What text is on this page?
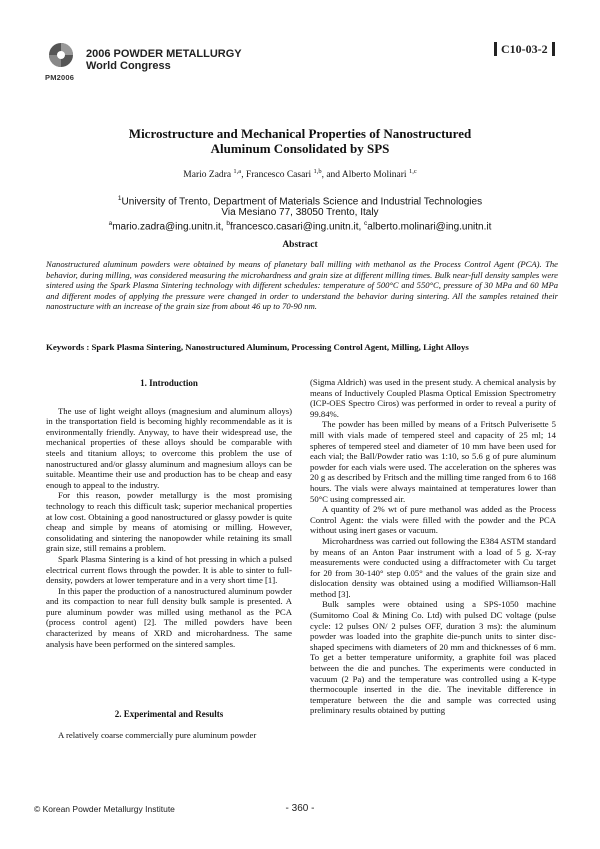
2006 POWDER METALLURGY
World Congress
PM2006
C10-03-2
Microstructure and Mechanical Properties of Nanostructured
Aluminum Consolidated by SPS
Mario Zadra $^{1,a}$, Francesco Casari $^{1,b}$, and Alberto Molinari $^{1,c}$
$^1$University of Trento, Department of Materials Science and Industrial Technologies
Via Mesiano 77, 38050 Trento, Italy
$^a$mario.zadra@ing.unitn.it, $^b$francesco.casari@ing.unitn.it, $^c$alberto.molinari@ing.unitn.it
Abstract

Nanostructured aluminum powders were obtained by means of planetary ball milling with methanol as the Process Control Agent (PCA). The behavior, during milling, was considered measuring the microhardness and grain size at different milling times. Bulk near-full density samples were sintered using the Spark Plasma Sintering technology with different schedules: temperature of 500°C and 550°C, pressure of 30 MPa and 60 MPa and different modes of applying the pressure were changed in order to understand the behavior during sintering. All the samples retained their nanostructure with an increase of the grain size from about 46 up to 70-90 nm.

Keywords : Spark Plasma Sintering, Nanostructured Aluminum, Processing Control Agent, Milling, Light Alloys
1. Introduction

The use of light weight alloys (magnesium and aluminum alloys) in the transportation field is becoming highly recommendable as it is environmentally friendly. Anyway, to have their widespread use, the mechanical properties of these alloys should be comparable with steels and titanium alloys; to overcome this problem the use of nanostructured and/or glassy aluminum and magnesium alloys can be suitable. Meantime their use and production has to be cheap and easy enough to appeal to the industry.

For this reason, powder metallurgy is the most promising technology to reach this difficult task; superior mechanical properties at low cost. Obtaining a good nanostructured or glassy powder is quite cheap and simple by means of atomising or milling. However, consolidating and sintering the nanopowder while retaining its small grain size, still remains a problem.

Spark Plasma Sintering is a kind of hot pressing in which a pulsed electrical current flows through the powder. It is able to sinter to full-density, powders at lower temperature and in a very short time [1].

In this paper the production of a nanostructured aluminum powder and its compaction to near full density bulk sample is presented. A pure aluminum powder was milled using methanol as the PCA (process control agent) [2]. The milled powders have been characterized by means of XRD and microhardness. The same analysis have been performed on the sintered samples.

2. Experimental and Results

A relatively coarse commercially pure aluminum powder

(Sigma Aldrich) was used in the present study. A chemical analysis by means of Inductively Coupled Plasma Optical Emission Spectrometry (ICP-OES Spectro Ciros) was performed in order to reveal a purity of 99.84%.

The powder has been milled by means of a Fritsch Pulverisette 5 mill with vials made of tempered steel and capacity of 25 ml; 14 spheres of tempered steel and diameter of 10 mm have been used for each vial; the Ball/Powder ratio was 1:10, so 5.6 g of pure aluminum powder for each vials were used. The acceleration on the spheres was 20 g as described by Fritsch and the milling time ranged from 6 to 168 hours. The vials were always maintained at temperatures lower than 50°C using compressed air.

A quantity of 2% wt of pure methanol was added as the Process Control Agent: the vials were filled with the powder and the PCA without using inert gases or vacuum.

Microhardness was carried out following the E384 ASTM standard by means of an Anton Paar instrument with a load of 5 g. X-ray measurements were conducted using a diffractometer with Cu target for 2θ from 30-140° step 0.05° and the values of the grain size and dislocation density was obtained using a modified Williamson-Hall method [3].

Bulk samples were obtained using a SPS-1050 machine (Sumitomo Coal & Mining Co. Ltd) with pulsed DC voltage (pulse cycle: 12 pulses ON/ 2 pulses OFF, duration 3 ms): the aluminum powder was loaded into the graphite die-punch units to sinter disc-shaped specimens with diameters of 20 mm and thicknesses of 6 mm. To get a better temperature uniformity, a graphite foil was placed between the die and punches. The experiments were conducted in vacuum (2 Pa) and the temperature was controlled using a K-type thermocouple inserted in the die. The inevitable difference in temperature between the die and sample was corrected using preliminary results obtained by putting

© Korean Powder Metallurgy Institute	- 360 -
